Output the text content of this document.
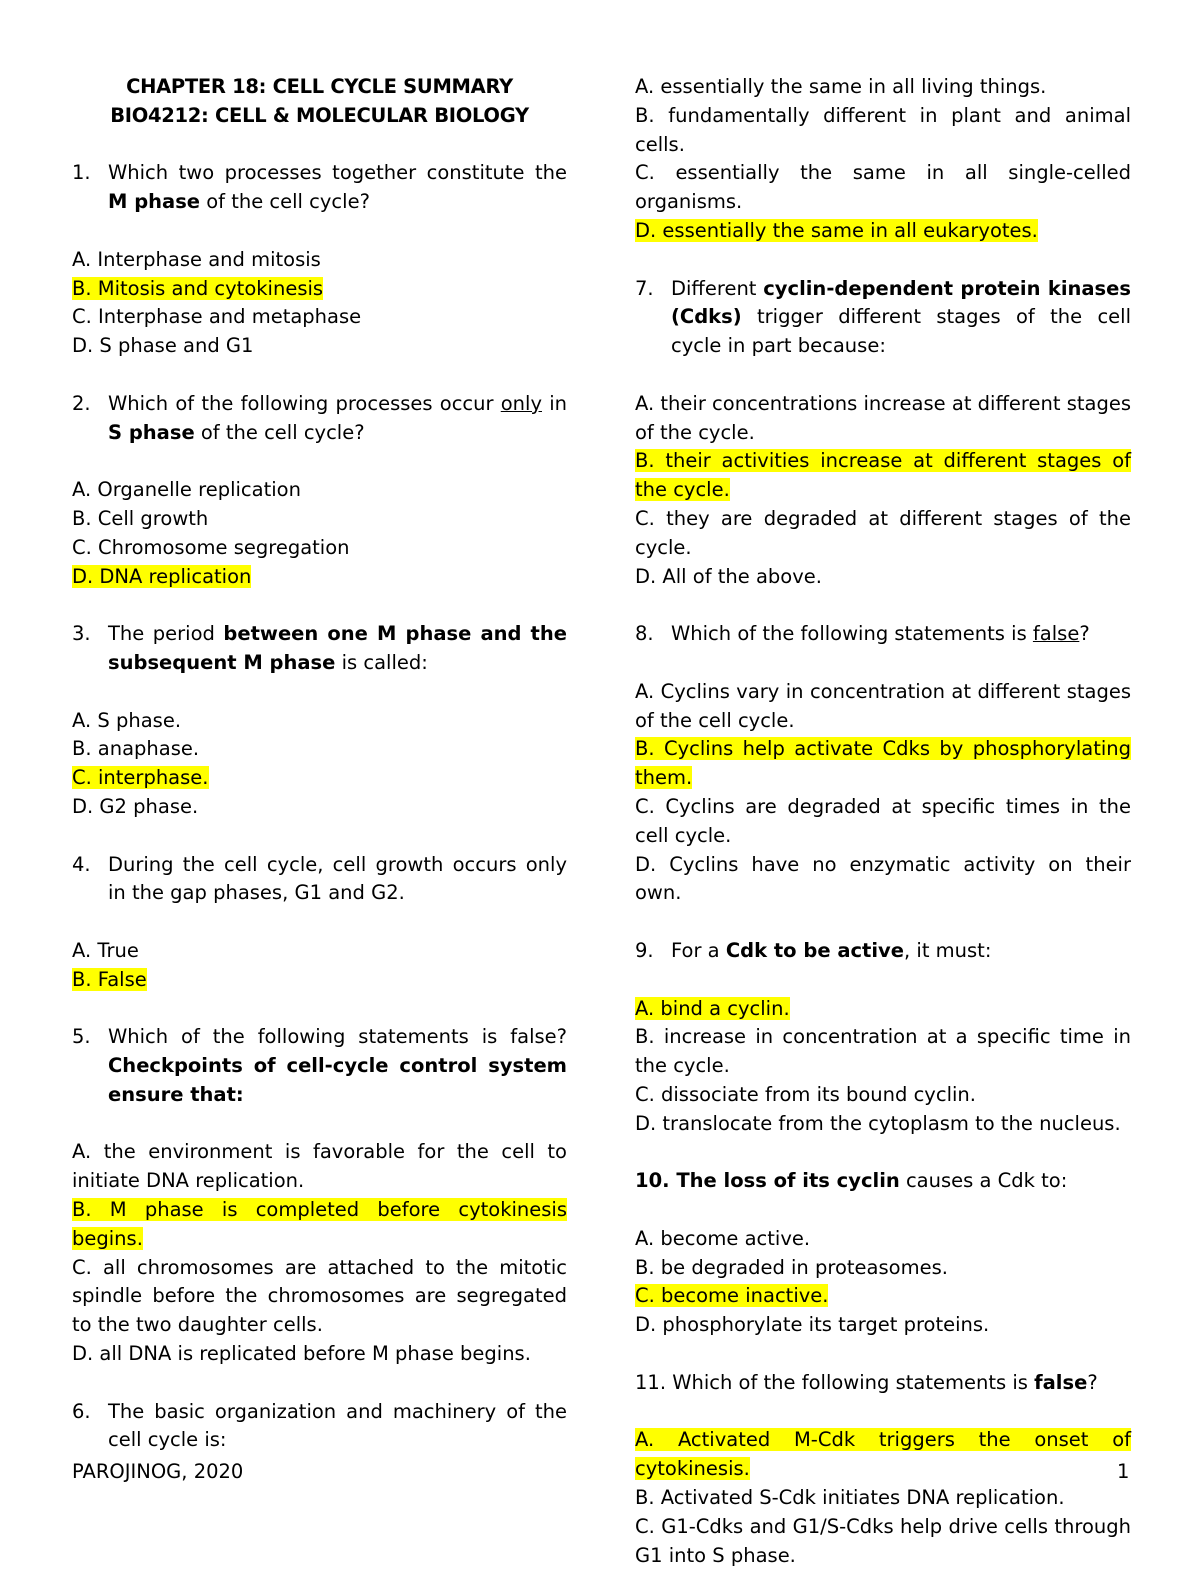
CHAPTER 18: CELL CYCLE SUMMARY

BIO4212: CELL & MOLECULAR BIOLOGY

1. Which two processes together constitute the M phase of the cell cycle?

A. Interphase and mitosis

B. Mitosis and cytokinesis

C. Interphase and metaphase

D. S phase and G1

2. Which of the following processes occur only in S phase of the cell cycle?

A. Organelle replication

B. Cell growth

C. Chromosome segregation

D. DNA replication

3. The period between one M phase and the subsequent M phase is called:

A. S phase.

B. anaphase.

C. interphase.

D. G2 phase.

4. During the cell cycle, cell growth occurs only in the gap phases, G1 and G2.

A. True

B. False

5. Which of the following statements is false? Checkpoints of cell-cycle control system ensure that:

A. the environment is favorable for the cell to initiate DNA replication.

B. M phase is completed before cytokinesis begins.

C. all chromosomes are attached to the mitotic spindle before the chromosomes are segregated to the two daughter cells.

D. all DNA is replicated before M phase begins.

6. The basic organization and machinery of the cell cycle is:

A. essentially the same in all living things.

B. fundamentally different in plant and animal cells.

C. essentially the same in all single-celled organisms.

D. essentially the same in all eukaryotes.

7. Different cyclin-dependent protein kinases (Cdks) trigger different stages of the cell cycle in part because:

A. their concentrations increase at different stages of the cycle.

B. their activities increase at different stages of the cycle.

C. they are degraded at different stages of the cycle.

D. All of the above.

8. Which of the following statements is false?

A. Cyclins vary in concentration at different stages of the cell cycle.

B. Cyclins help activate Cdks by phosphorylating them.

C. Cyclins are degraded at specific times in the cell cycle.

D. Cyclins have no enzymatic activity on their own.

9. For a Cdk to be active, it must:

A. bind a cyclin.

B. increase in concentration at a specific time in the cycle.

C. dissociate from its bound cyclin.

D. translocate from the cytoplasm to the nucleus.

10. The loss of its cyclin causes a Cdk to:

A. become active.

B. be degraded in proteasomes.

C. become inactive.

D. phosphorylate its target proteins.

11. Which of the following statements is false?

A. Activated M-Cdk triggers the onset of cytokinesis.

B. Activated S-Cdk initiates DNA replication.

C. G1-Cdks and G1/S-Cdks help drive cells through G1 into S phase.

PAROJINOG, 2020	1
